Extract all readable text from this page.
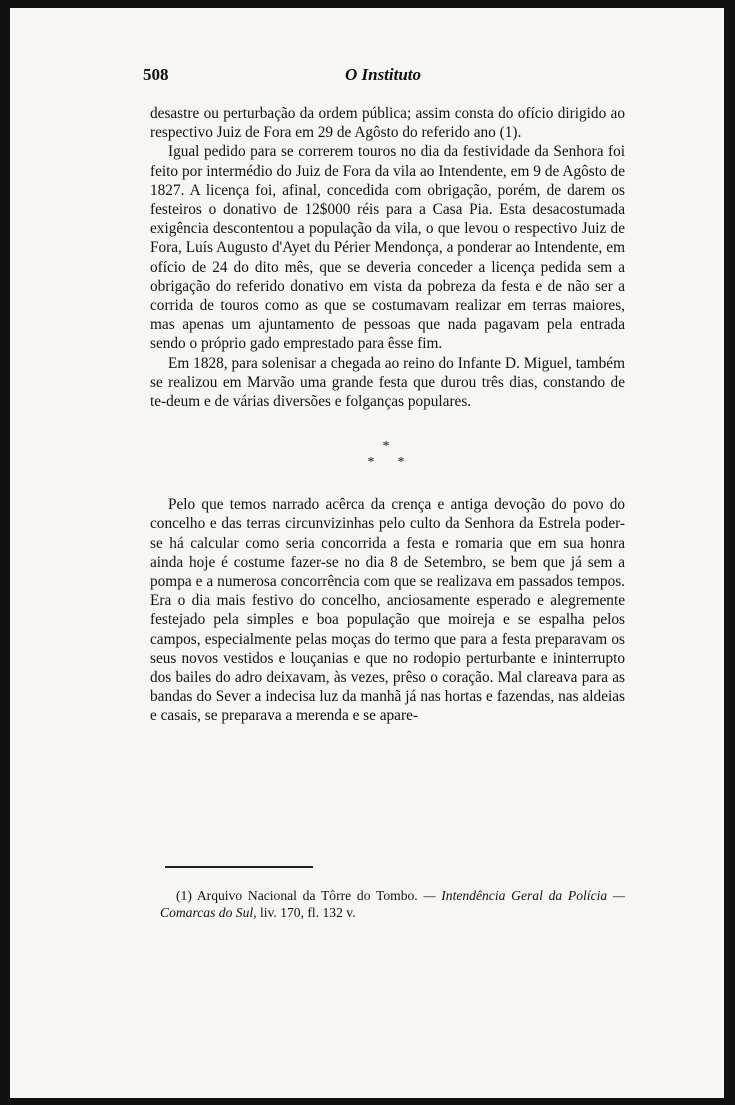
508	O Instituto

desastre ou perturbação da ordem pública; assim consta do ofício dirigido ao respectivo Juiz de Fora em 29 de Agôsto do referido ano (1).

Igual pedido para se correrem touros no dia da festividade da Senhora foi feito por intermédio do Juiz de Fora da vila ao Intendente, em 9 de Agôsto de 1827. A licença foi, afinal, concedida com obrigação, porém, de darem os festeiros o donativo de 12$000 réis para a Casa Pia. Esta desacostumada exigência descontentou a população da vila, o que levou o respectivo Juiz de Fora, Luís Augusto d'Ayet du Périer Mendonça, a ponderar ao Intendente, em ofício de 24 do dito mês, que se deveria conceder a licença pedida sem a obrigação do referido donativo em vista da pobreza da festa e de não ser a corrida de touros como as que se costumavam realizar em terras maiores, mas apenas um ajuntamento de pessoas que nada pagavam pela entrada sendo o próprio gado emprestado para êsse fim.

Em 1828, para solenisar a chegada ao reino do Infante D. Miguel, também se realizou em Marvão uma grande festa que durou três dias, constando de te-deum e de várias diversões e folganças populares.

*
* *

Pelo que temos narrado acêrca da crença e antiga devoção do povo do concelho e das terras circunvizinhas pelo culto da Senhora da Estrela poder-se há calcular como seria concorrida a festa e romaria que em sua honra ainda hoje é costume fazer-se no dia 8 de Setembro, se bem que já sem a pompa e a numerosa concorrência com que se realizava em passados tempos. Era o dia mais festivo do concelho, anciosamente esperado e alegremente festejado pela simples e boa população que moireja e se espalha pelos campos, especialmente pelas moças do termo que para a festa preparavam os seus novos vestidos e louçanias e que no rodopio perturbante e ininterrupto dos bailes do adro deixavam, às vezes, prêso o coração. Mal clareava para as bandas do Sever a indecisa luz da manhã já nas hortas e fazendas, nas aldeias e casais, se preparava a merenda e se apare-

(1) Arquivo Nacional da Tôrre do Tombo. — Intendência Geral da Polícia — Comarcas do Sul, liv. 170, fl. 132 v.
